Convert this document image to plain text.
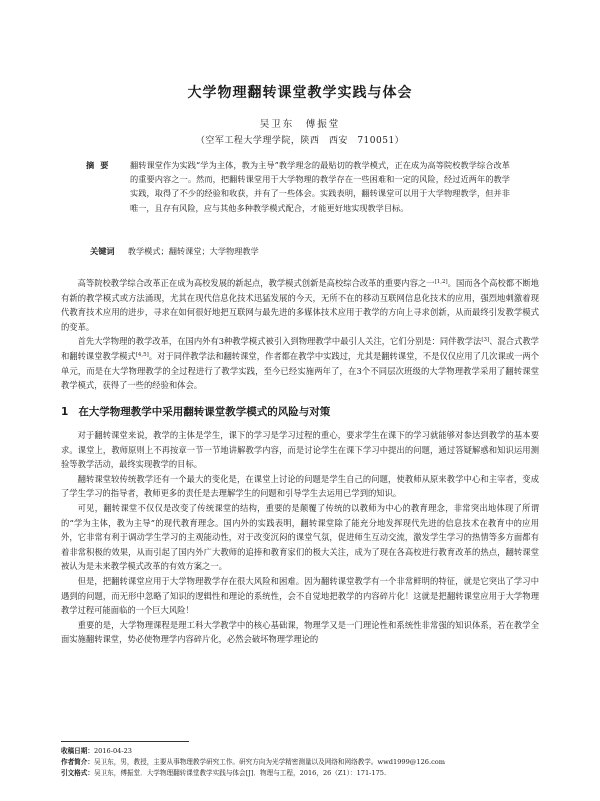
大学物理翻转课堂教学实践与体会
吴卫东　傅振堂
（空军工程大学理学院，陕西　西安　710051）
摘要 翻转课堂作为实践“学为主体，教为主导”教学理念的最贴切的教学模式，正在成为高等院校教学综合改革的重要内容之一。然而，把翻转课堂用于大学物理的教学存在一些困难和一定的风险，经过近两年的教学实践，取得了不少的经验和收获，并有了一些体会。实践表明，翻转课堂可以用于大学物理教学，但并非唯一，且存有风险，应与其他多种教学模式配合，才能更好地实现教学目标。
关键词 教学模式；翻转课堂；大学物理教学

高等院校教学综合改革正在成为高校发展的新起点，教学模式创新是高校综合改革的重要内容之一[1,2]。国而各个高校都不断地有新的教学模式或方法涌现，尤其在现代信息化技术迅猛发展的今天，无所不在的移动互联网信息化技术的应用，强烈地刺激着现代教育技术应用的进步，寻求在如何很好地把互联网与最先进的多媒体技术应用于教学的方向上寻求创新，从而最终引发教学模式的变革。

首先大学物理的教学改革，在国内外有3种教学模式被引入到物理教学中最引人关注，它们分别是：同伴教学法[3]、混合式教学和翻转课堂教学模式[4,5]。对于同伴教学法和翻转课堂，作者都在教学中实践过，尤其是翻转课堂，不是仅仅应用了几次课或一两个单元，而是在大学物理教学的全过程进行了教学实践，至今已经实施两年了，在3个不同层次班级的大学物理教学采用了翻转课堂教学模式，获得了一些的经验和体会。

1 在大学物理教学中采用翻转课堂教学模式的风险与对策

对于翻转课堂来说，教学的主体是学生，课下的学习是学习过程的重心，要求学生在课下的学习就能够对参达到教学的基本要求。课堂上，教师原则上不再按章一节一节地讲解教学内容，而是讨论学生在课下学习中提出的问题，通过答疑解惑和知识运用测验等教学活动，最终实现教学的目标。

翻转课堂较传统教学还有一个最大的变化是，在课堂上讨论的问题是学生自己的问题，使教师从原来教学中心和主宰者，变成了学生学习的指导者，教师更多的责任是去理解学生的问题和引导学生去运用已学到的知识。

可见，翻转课堂不仅仅是改变了传统课堂的结构，重要的是颠覆了传统的以教师为中心的教育理念，非常突出地体现了所谓的“学为主体，教为主导”的现代教育理念。国内外的实践表明，翻转课堂除了能充分地发挥现代先进的信息技术在教育中的应用外，它非常有利于调动学生学习的主观能动性，对于改变沉闷的课堂气氛，促进师生互动交流，激发学生学习的热情等多方面都有着非常积极的效果，从而引起了国内外广大教师的追捧和教育家们的极大关注，成为了现在各高校进行教育改革的热点，翻转课堂被认为是未来教学模式改革的有效方案之一。

但是，把翻转课堂应用于大学物理教学存在很大风险和困难。因为翻转课堂教学有一个非常鲜明的特征，就是它突出了学习中遇到的问题，而无形中忽略了知识的逻辑性和理论的系统性，会不自觉地把教学的内容碎片化！这就是把翻转课堂应用于大学物理教学过程可能面临的一个巨大风险！

重要的是，大学物理课程是理工科大学教学中的核心基础课，物理学又是一门理论性和系统性非常强的知识体系，若在教学全面实施翻转课堂，势必使物理学内容碎片化，必然会破坏物理学理论的

收稿日期：2016-04-23
作者简介：吴卫东，男，教授，主要从事物理教学研究工作。研究方向为光学精密测量以及网络和网络教学。wwd1999@126.com
引文格式：吴卫东，傅振堂．大学物理翻转课堂教学实践与体会[J]．物理与工程，2016，26（Z1）：171-175.
